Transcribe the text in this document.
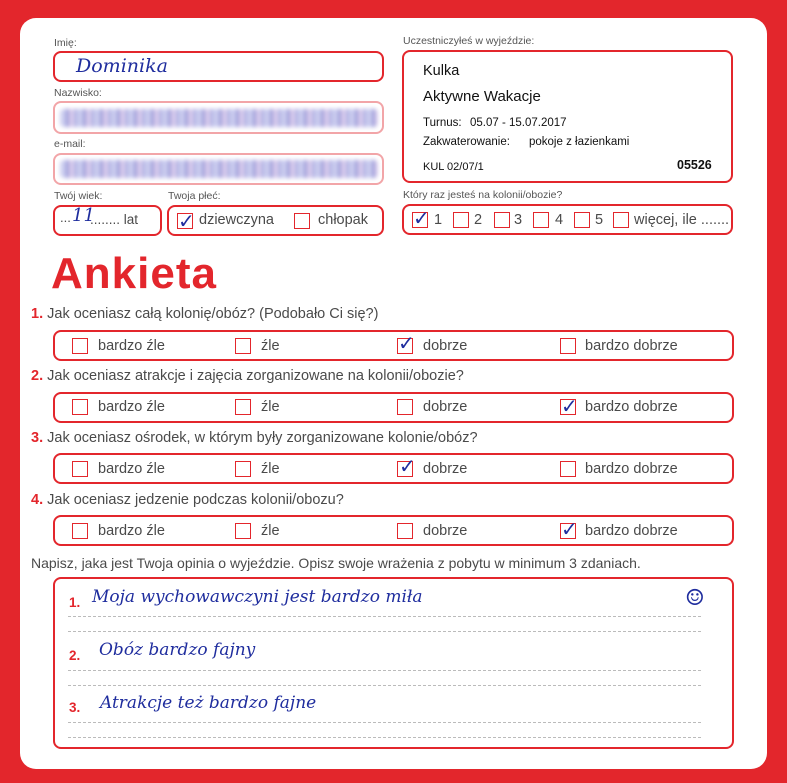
Imię:
Dominika
Nazwisko:
e-mail:
Twój wiek:
... 11
........ lat
Twoja płeć:
✓ dziewczyna	chłopak
Uczestniczyłeś w wyjeździe:
Kulka
Aktywne Wakacje
Turnus: 05.07 - 15.07.2017
Zakwaterowanie: pokoje z łazienkami
KUL 02/07/1	05526
Który raz jesteś na kolonii/obozie?
✓ 1 2 3 4 5 więcej, ile .......
Ankieta
1. Jak oceniasz całą kolonię/obóz? (Podobało Ci się?)
bardzo źle	źle	✓ dobrze	bardzo dobrze
2. Jak oceniasz atrakcje i zajęcia zorganizowane na kolonii/obozie?
bardzo źle	źle	dobrze	✓ bardzo dobrze
3. Jak oceniasz ośrodek, w którym były zorganizowane kolonie/obóz?
bardzo źle	źle	✓ dobrze	bardzo dobrze
4. Jak oceniasz jedzenie podczas kolonii/obozu?
bardzo źle	źle	dobrze	✓ bardzo dobrze
Napisz, jaka jest Twoja opinia o wyjeździe. Opisz swoje wrażenia z pobytu w minimum 3 zdaniach.
1. Moja wychowawczyni jest bardzo miła	☺
2. Obóz bardzo fajny
3. Atrakcje też bardzo fajne
